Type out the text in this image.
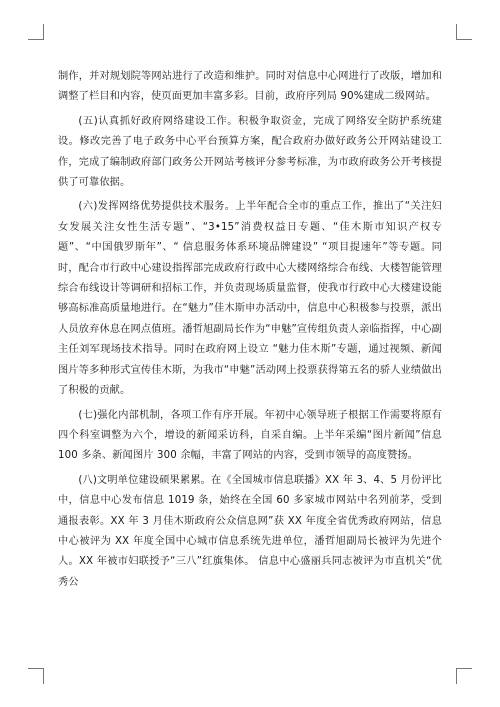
制作，并对规划院等网站进行了改造和维护。同时对信息中心网进行了改版，增加和调整了栏目和内容，使页面更加丰富多彩。目前，政府序列局 90%建成二级网站。

(五)认真抓好政府网络建设工作。积极争取资金，完成了网络安全防护系统建设。修改完善了电子政务中心平台预算方案，配合政府办做好政务公开网站建设工作，完成了编制政府部门政务公开网站考核评分参考标准，为市政府政务公开考核提供了可靠依据。

(六)发挥网络优势提供技术服务。上半年配合全市的重点工作，推出了“关注妇女发展关注女性生活专题”、“3•15”消费权益日专题、“佳木斯市知识产权专题”、“中国俄罗斯年”、“ 信息服务体系环境品牌建设” “项目提速年”等专题。同时，配合市行政中心建设指挥部完成政府行政中心大楼网络综合布线、大楼智能管理综合布线设计等调研和招标工作，并负责现场质量监督，使我市行政中心大楼建设能够高标准高质量地进行。在“魅力”佳木斯申办活动中，信息中心积极参与投票，派出人员放弃休息在网点值班。潘哲旭副局长作为“申魅”宣传组负责人亲临指挥，中心副主任刘军现场技术指导。同时在政府网上设立 “魅力佳木斯”专题，通过视频、新闻图片等多种形式宣传佳木斯，为我市“申魅”活动网上投票获得第五名的骄人业绩做出了积极的贡献。

(七)强化内部机制，各项工作有序开展。年初中心领导班子根据工作需要将原有四个科室调整为六个，增设的新闻采访科，自采自编。上半年采编“图片新闻”信息 100 多条、新闻图片 300 余幅，丰富了网站的内容，受到市领导的高度赞扬。

(八)文明单位建设硕果累累。在《全国城市信息联播》XX 年 3、4、5 月份评比中，信息中心发布信息 1019 条，始终在全国 60 多家城市网站中名列前茅，受到通报表彰。XX 年 3 月佳木斯政府公众信息网”获 XX 年度全省优秀政府网站，信息中心被评为 XX 年度全国中心城市信息系统先进单位，潘哲旭副局长被评为先进个人。XX 年被市妇联授予“三八”红旗集体。 信息中心盛丽兵同志被评为市直机关“优秀公
